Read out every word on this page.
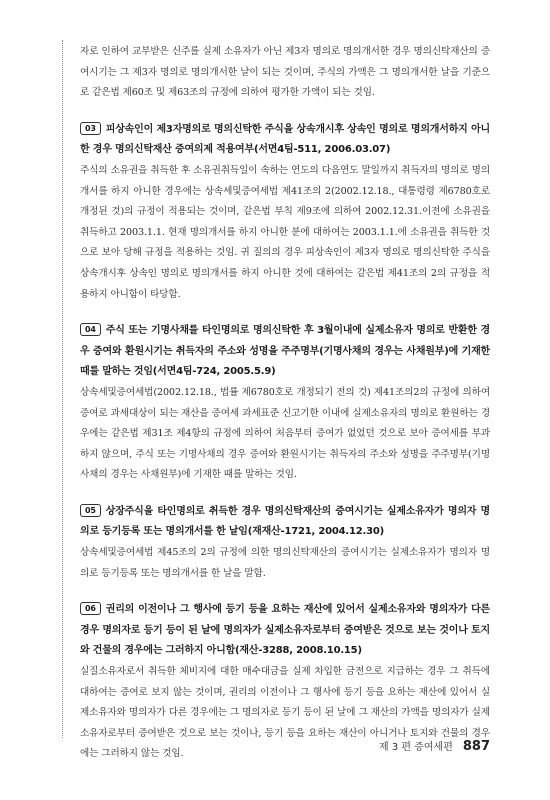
자로 인하여 교부받은 신주를 실제 소유자가 아닌 제3자 명의로 명의개서한 경우 명의신탁재산의 증여시기는 그 제3자 명의로 명의개서한 날이 되는 것이며, 주식의 가액은 그 명의개서한 날을 기준으로 같은법 제60조 및 제63조의 규정에 의하여 평가한 가액이 되는 것임.

03 피상속인이 제3자명의로 명의신탁한 주식을 상속개시후 상속인 명의로 명의개서하지 아니한 경우 명의신탁재산 증여의제 적용여부(서면4팀-511, 2006.03.07)

주식의 소유권을 취득한 후 소유권취득일이 속하는 연도의 다음연도 말일까지 취득자의 명의로 명의개서를 하지 아니한 경우에는 상속세및증여세법 제41조의 2(2002.12.18., 대통령령 제6780호로 개정된 것)의 규정이 적용되는 것이며, 같은법 부칙 제9조에 의하여 2002.12.31.이전에 소유권을 취득하고 2003.1.1. 현재 명의개서를 하지 아니한 분에 대하여는 2003.1.1.에 소유권을 취득한 것으로 보아 당해 규정을 적용하는 것임. 귀 질의의 경우 피상속인이 제3자 명의로 명의신탁한 주식을 상속개시후 상속인 명의로 명의개서를 하지 아니한 것에 대하여는 같은법 제41조의 2의 규정을 적용하지 아니함이 타당함.

04 주식 또는 기명사채를 타인명의로 명의신탁한 후 3월이내에 실제소유자 명의로 반환한 경우 증여와 환원시기는 취득자의 주소와 성명을 주주명부(기명사채의 경우는 사채원부)에 기재한 때를 말하는 것임(서면4팀-724, 2005.5.9)

상속세및증여세법(2002.12.18., 법률 제6780호로 개정되기 전의 것) 제41조의2의 규정에 의하여 증여로 과세대상이 되는 재산을 증여세 과세표준 신고기한 이내에 실제소유자의 명의로 환원하는 경우에는 같은법 제31조 제4항의 규정에 의하여 처음부터 증여가 없었던 것으로 보아 증여세를 부과하지 않으며, 주식 또는 기명사채의 경우 증여와 환원시기는 취득자의 주소와 성명을 주주명부(기명사채의 경우는 사채원부)에 기재한 때를 말하는 것임.

05 상장주식을 타인명의로 취득한 경우 명의신탁재산의 증여시기는 실제소유자가 명의자 명의로 등기등록 또는 명의개서를 한 날임(재재산-1721, 2004.12.30)

상속세및증여세법 제45조의 2의 규정에 의한 명의신탁재산의 증여시기는 실제소유자가 명의자 명의로 등기등록 또는 명의개서를 한 날을 말함.

06 권리의 이전이나 그 행사에 등기 등을 요하는 재산에 있어서 실제소유자와 명의자가 다른 경우 명의자로 등기 등이 된 날에 명의자가 실제소유자로부터 증여받은 것으로 보는 것이나 토지와 건물의 경우에는 그러하지 아니함(재산-3288, 2008.10.15)

실질소유자로서 취득한 체비지에 대한 매수대금을 실제 차입한 금전으로 지급하는 경우 그 취득에 대하여는 증여로 보지 않는 것이며, 권리의 이전이나 그 행사에 등기 등을 요하는 재산에 있어서 실제소유자와 명의자가 다른 경우에는 그 명의자로 등기 등이 된 날에 그 재산의 가액을 명의자가 실제소유자로부터 증여받은 것으로 보는 것이나, 등기 등을 요하는 재산이 아니거나 토지와 건물의 경우에는 그러하지 않는 것임.

제 3 편 증여세편 887
